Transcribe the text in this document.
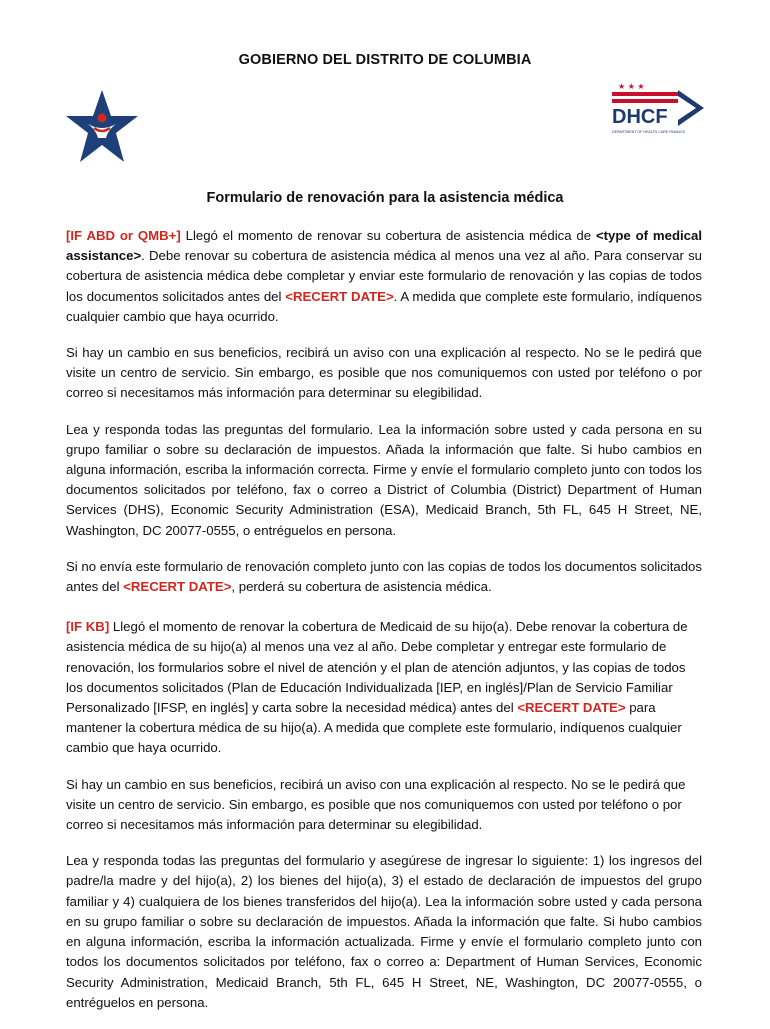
GOBIERNO DEL DISTRITO DE COLUMBIA
★ ★ ★
DHCF
DEPARTMENT OF HEALTH CARE FINANCE
Formulario de renovación para la asistencia médica

[IF ABD or QMB+] Llegó el momento de renovar su cobertura de asistencia médica de <type of medical assistance>. Debe renovar su cobertura de asistencia médica al menos una vez al año. Para conservar su cobertura de asistencia médica debe completar y enviar este formulario de renovación y las copias de todos los documentos solicitados antes del <RECERT DATE>. A medida que complete este formulario, indíquenos cualquier cambio que haya ocurrido.

Si hay un cambio en sus beneficios, recibirá un aviso con una explicación al respecto. No se le pedirá que visite un centro de servicio. Sin embargo, es posible que nos comuniquemos con usted por teléfono o por correo si necesitamos más información para determinar su elegibilidad.

Lea y responda todas las preguntas del formulario. Lea la información sobre usted y cada persona en su grupo familiar o sobre su declaración de impuestos. Añada la información que falte. Si hubo cambios en alguna información, escriba la información correcta. Firme y envíe el formulario completo junto con todos los documentos solicitados por teléfono, fax o correo a District of Columbia (District) Department of Human Services (DHS), Economic Security Administration (ESA), Medicaid Branch, 5th FL, 645 H Street, NE, Washington, DC 20077-0555, o entréguelos en persona.

Si no envía este formulario de renovación completo junto con las copias de todos los documentos solicitados antes del <RECERT DATE>, perderá su cobertura de asistencia médica.

[IF KB] Llegó el momento de renovar la cobertura de Medicaid de su hijo(a). Debe renovar la cobertura de asistencia médica de su hijo(a) al menos una vez al año. Debe completar y entregar este formulario de renovación, los formularios sobre el nivel de atención y el plan de atención adjuntos, y las copias de todos los documentos solicitados (Plan de Educación Individualizada [IEP, en inglés]/Plan de Servicio Familiar Personalizado [IFSP, en inglés] y carta sobre la necesidad médica) antes del <RECERT DATE> para mantener la cobertura médica de su hijo(a). A medida que complete este formulario, indíquenos cualquier cambio que haya ocurrido.

Si hay un cambio en sus beneficios, recibirá un aviso con una explicación al respecto. No se le pedirá que visite un centro de servicio. Sin embargo, es posible que nos comuniquemos con usted por teléfono o por correo si necesitamos más información para determinar su elegibilidad.

Lea y responda todas las preguntas del formulario y asegúrese de ingresar lo siguiente: 1) los ingresos del padre/la madre y del hijo(a), 2) los bienes del hijo(a), 3) el estado de declaración de impuestos del grupo familiar y 4) cualquiera de los bienes transferidos del hijo(a). Lea la información sobre usted y cada persona en su grupo familiar o sobre su declaración de impuestos. Añada la información que falte. Si hubo cambios en alguna información, escriba la información actualizada. Firme y envíe el formulario completo junto con todos los documentos solicitados por teléfono, fax o correo a: Department of Human Services, Economic Security Administration, Medicaid Branch, 5th FL, 645 H Street, NE, Washington, DC 20077-0555, o entréguelos en persona.
